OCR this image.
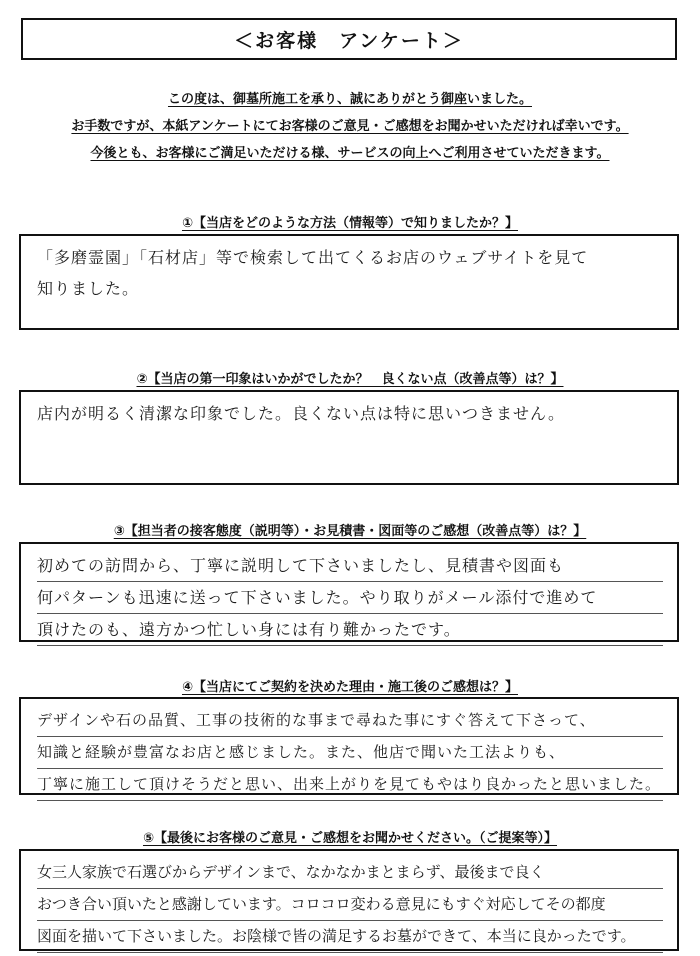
＜お客様　アンケート＞
この度は、御墓所施工を承り、誠にありがとう御座いました。
お手数ですが、本紙アンケートにてお客様のご意見・ご感想をお聞かせいただければ幸いです。
今後とも、お客様にご満足いただける様、サービスの向上へご利用させていただきます。
①【当店をどのような方法（情報等）で知りましたか？】
「多磨霊園」「石材店」等で検索して出てくるお店のウェブサイトを見て
知りました。
②【当店の第一印象はいかがでしたか？　良くない点（改善点等）は？】
店内が明るく清潔な印象でした。良くない点は特に思いつきません。
③【担当者の接客態度（説明等）・お見積書・図面等のご感想（改善点等）は？】
初めての訪問から、丁寧に説明して下さいましたし、見積書や図面も
何パターンも迅速に送って下さいました。やり取りがメール添付で進めて
頂けたのも、遠方かつ忙しい身には有り難かったです。
④【当店にてご契約を決めた理由・施工後のご感想は？】
デザインや石の品質、工事の技術的な事まで尋ねた事にすぐ答えて下さって、
知識と経験が豊富なお店と感じました。また、他店で聞いた工法よりも、
丁寧に施工して頂けそうだと思い、出来上がりを見てもやはり良かったと思いました。
⑤【最後にお客様のご意見・ご感想をお聞かせください。（ご提案等）】
女三人家族で石選びからデザインまで、なかなかまとまらず、最後まで良く
おつき合い頂いたと感謝しています。コロコロ変わる意見にもすぐ対応してその都度
図面を描いて下さいました。お陰様で皆の満足するお墓ができて、本当に良かったです。
